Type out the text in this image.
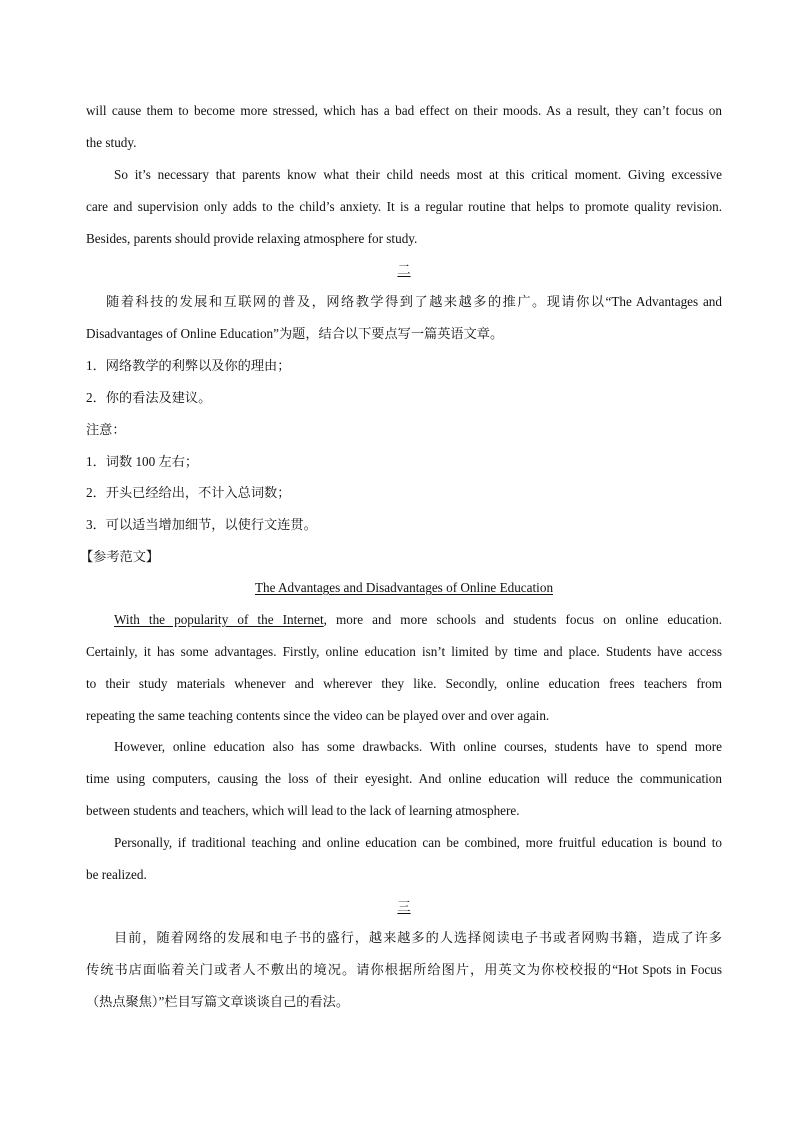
will cause them to become more stressed, which has a bad effect on their moods. As a result, they can’t focus on
the study.
So it’s necessary that parents know what their child needs most at this critical moment. Giving excessive
care and supervision only adds to the child’s anxiety. It is a regular routine that helps to promote quality revision.
Besides, parents should provide relaxing atmosphere for study.
二
随着科技的发展和互联网的普及，网络教学得到了越来越多的推广。现请你以“The Advantages and
Disadvantages of Online Education”为题，结合以下要点写一篇英语文章。
1．网络教学的利弊以及你的理由；
2．你的看法及建议。
注意：
1．词数 100 左右；
2．开头已经给出，不计入总词数；
3．可以适当增加细节，以使行文连贯。
【参考范文】
The Advantages and Disadvantages of Online Education
With the popularity of the Internet, more and more schools and students focus on online education.
Certainly, it has some advantages. Firstly, online education isn’t limited by time and place. Students have access
to their study materials whenever and wherever they like. Secondly, online education frees teachers from
repeating the same teaching contents since the video can be played over and over again.
However, online education also has some drawbacks. With online courses, students have to spend more
time using computers, causing the loss of their eyesight. And online education will reduce the communication
between students and teachers, which will lead to the lack of learning atmosphere.
Personally, if traditional teaching and online education can be combined, more fruitful education is bound to
be realized.
三
目前，随着网络的发展和电子书的盛行，越来越多的人选择阅读电子书或者网购书籍，造成了许多
传统书店面临着关门或者人不敷出的境况。请你根据所给图片，用英文为你校校报的“Hot Spots in Focus
（热点聚焦）”栏目写篇文章谈谈自己的看法。
